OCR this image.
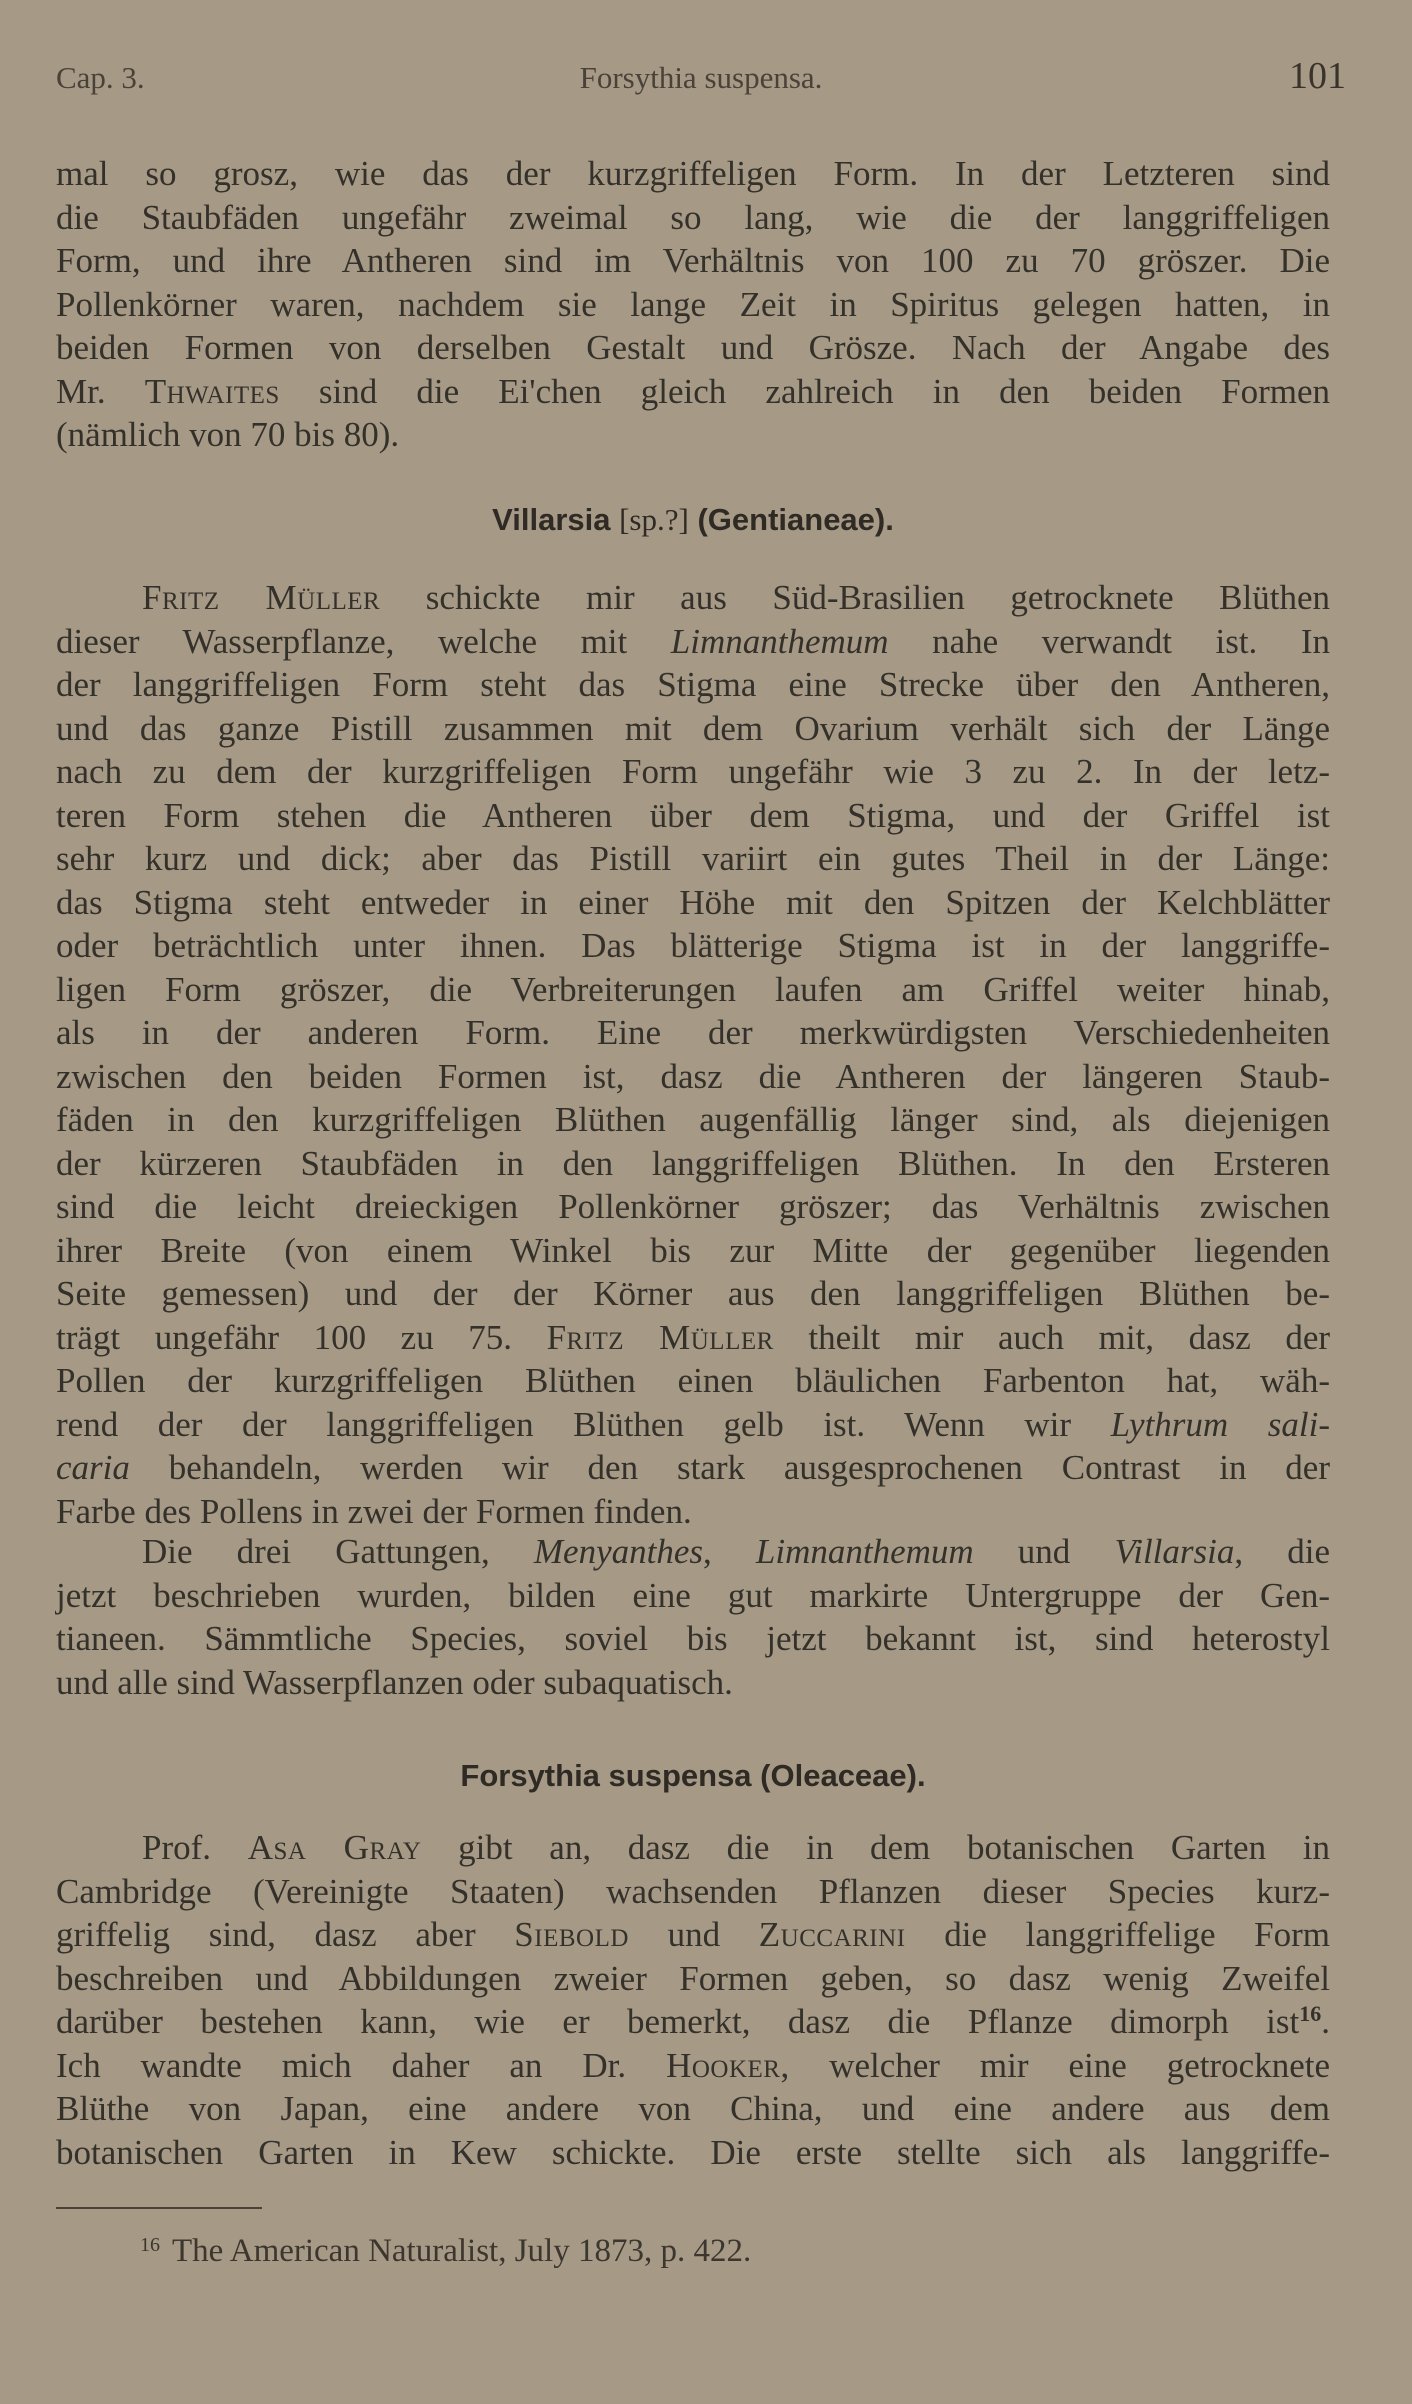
Cap. 3.	Forsythia suspensa.	101

mal so grosz, wie das der kurzgriffeligen Form. In der Letzteren sind

die Staubfäden ungefähr zweimal so lang, wie die der langgriffeligen

Form, und ihre Antheren sind im Verhältnis von 100 zu 70 gröszer. Die

Pollenkörner waren, nachdem sie lange Zeit in Spiritus gelegen hatten, in

beiden Formen von derselben Gestalt und Grösze. Nach der Angabe des

Mr. Thwaites sind die Ei'chen gleich zahlreich in den beiden Formen

(nämlich von 70 bis 80).

Villarsia [sp.?] (Gentianeae).

Fritz Müller schickte mir aus Süd-Brasilien getrocknete Blüthen

dieser Wasserpflanze, welche mit Limnanthemum nahe verwandt ist. In

der langgriffeligen Form steht das Stigma eine Strecke über den Antheren,

und das ganze Pistill zusammen mit dem Ovarium verhält sich der Länge

nach zu dem der kurzgriffeligen Form ungefähr wie 3 zu 2. In der letz-

teren Form stehen die Antheren über dem Stigma, und der Griffel ist

sehr kurz und dick; aber das Pistill variirt ein gutes Theil in der Länge:

das Stigma steht entweder in einer Höhe mit den Spitzen der Kelchblätter

oder beträchtlich unter ihnen. Das blätterige Stigma ist in der langgriffe-

ligen Form gröszer, die Verbreiterungen laufen am Griffel weiter hinab,

als in der anderen Form. Eine der merkwürdigsten Verschiedenheiten

zwischen den beiden Formen ist, dasz die Antheren der längeren Staub-

fäden in den kurzgriffeligen Blüthen augenfällig länger sind, als diejenigen

der kürzeren Staubfäden in den langgriffeligen Blüthen. In den Ersteren

sind die leicht dreieckigen Pollenkörner gröszer; das Verhältnis zwischen

ihrer Breite (von einem Winkel bis zur Mitte der gegenüber liegenden

Seite gemessen) und der der Körner aus den langgriffeligen Blüthen be-

trägt ungefähr 100 zu 75. Fritz Müller theilt mir auch mit, dasz der

Pollen der kurzgriffeligen Blüthen einen bläulichen Farbenton hat, wäh-

rend der der langgriffeligen Blüthen gelb ist. Wenn wir Lythrum sali-

caria behandeln, werden wir den stark ausgesprochenen Contrast in der

Farbe des Pollens in zwei der Formen finden.

Die drei Gattungen, Menyanthes, Limnanthemum und Villarsia, die

jetzt beschrieben wurden, bilden eine gut markirte Untergruppe der Gen-

tianeen. Sämmtliche Species, soviel bis jetzt bekannt ist, sind heterostyl

und alle sind Wasserpflanzen oder subaquatisch.

Forsythia suspensa (Oleaceae).

Prof. Asa Gray gibt an, dasz die in dem botanischen Garten in

Cambridge (Vereinigte Staaten) wachsenden Pflanzen dieser Species kurz-

griffelig sind, dasz aber Siebold und Zuccarini die langgriffelige Form

beschreiben und Abbildungen zweier Formen geben, so dasz wenig Zweifel

darüber bestehen kann, wie er bemerkt, dasz die Pflanze dimorph ist$^{16}$.

Ich wandte mich daher an Dr. Hooker, welcher mir eine getrocknete

Blüthe von Japan, eine andere von China, und eine andere aus dem

botanischen Garten in Kew schickte. Die erste stellte sich als langgriffe-

$^{16}$ The American Naturalist, July 1873, p. 422.
